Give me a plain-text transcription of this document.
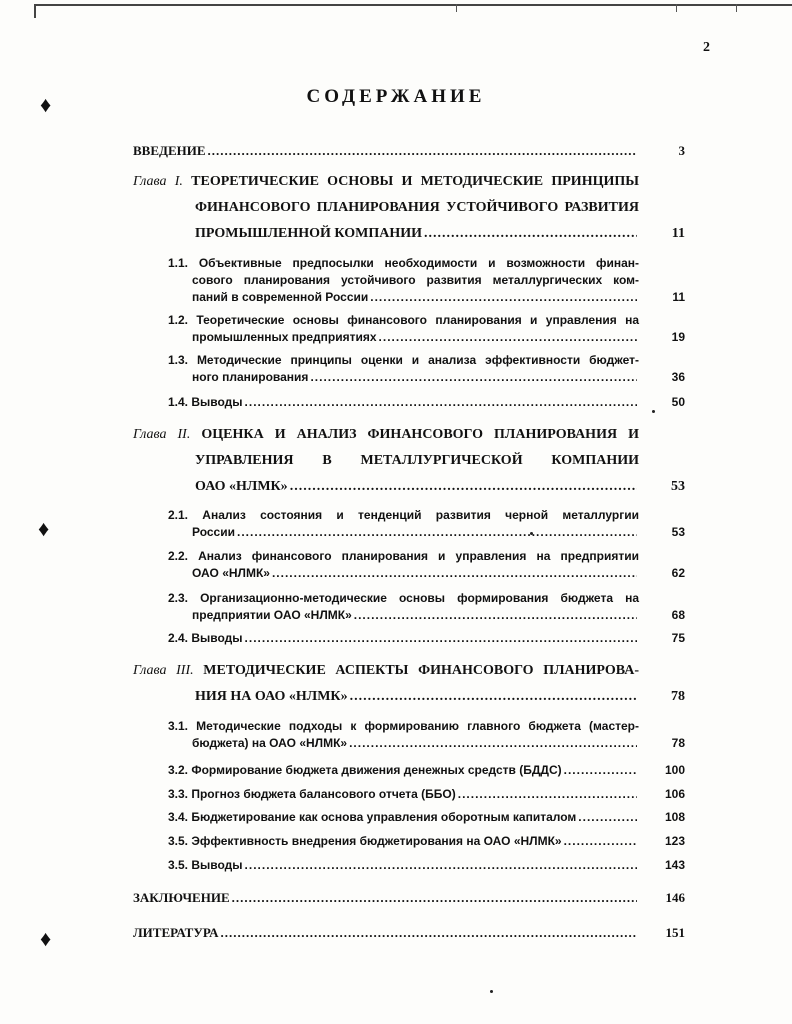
2
♦
♦
♦
СОДЕРЖАНИЕ
ВВЕДЕНИЕ .....	3
Глава I. ТЕОРЕТИЧЕСКИЕ ОСНОВЫ И МЕТОДИЧЕСКИЕ ПРИНЦИПЫ
ФИНАНСОВОГО ПЛАНИРОВАНИЯ УСТОЙЧИВОГО РАЗВИТИЯ
ПРОМЫШЛЕННОЙ КОМПАНИИ .....	11
1.1. Объективные предпосылки необходимости и возможности финан-
сового планирования устойчивого развития металлургических ком-
паний в современной России .....	11
1.2. Теоретические основы финансового планирования и управления на
промышленных предприятиях .....	19
1.3. Методические принципы оценки и анализа эффективности бюджет-
ного планирования .....	36
1.4. Выводы .....	50
Глава II. ОЦЕНКА И АНАЛИЗ ФИНАНСОВОГО ПЛАНИРОВАНИЯ И
УПРАВЛЕНИЯ В МЕТАЛЛУРГИЧЕСКОЙ КОМПАНИИ
ОАО «НЛМК» .....	53
2.1. Анализ состояния и тенденций развития черной металлургии
России .....	53
2.2. Анализ финансового планирования и управления на предприятии
ОАО «НЛМК» .....	62
2.3. Организационно-методические основы формирования бюджета на
предприятии ОАО «НЛМК» .....	68
2.4. Выводы .....	75
Глава III. МЕТОДИЧЕСКИЕ АСПЕКТЫ ФИНАНСОВОГО ПЛАНИРОВА-
НИЯ НА ОАО «НЛМК» .....	78
3.1. Методические подходы к формированию главного бюджета (мастер-
бюджета) на ОАО «НЛМК» .....	78
3.2. Формирование бюджета движения денежных средств (БДДС) .....	100
3.3. Прогноз бюджета балансового отчета (ББО) .....	106
3.4. Бюджетирование как основа управления оборотным капиталом .....	108
3.5. Эффективность внедрения бюджетирования на ОАО «НЛМК» .....	123
3.5. Выводы .....	143
ЗАКЛЮЧЕНИЕ .....	146
ЛИТЕРАТУРА .....	151
